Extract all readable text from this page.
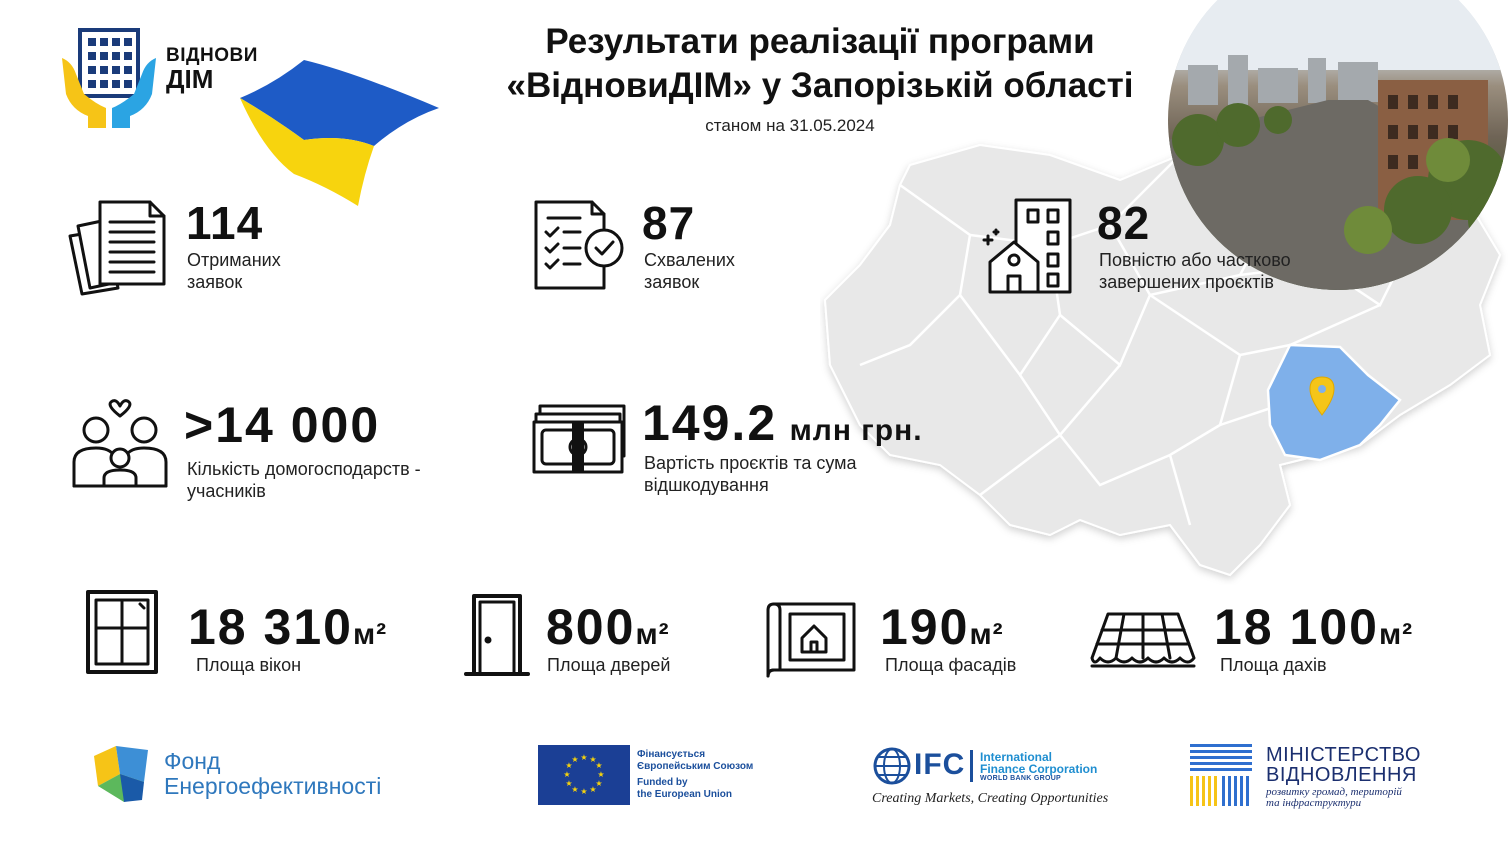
ВІДНОВИ
ДІМ
Результати реалізації програми
«ВідновиДІМ» у Запорізькій області
станом на 31.05.2024
114
Отриманих
заявок
87
Схвалених
заявок
82
Повністю або частково
завершених проєктів
>14 000
Кількість домогосподарств -
учасників
149.2 млн грн.
Вартість проєктів та сума
відшкодування
18 310м²
Площа вікон
800м²
Площа дверей
190м²
Площа фасадів
18 100м²
Площа дахів
Фонд
Енергоефективності
★ ★
★
★
★
★
★
★
★
★
★
★	Фінансується
Європейським Союзом
Funded by
the European Union
IFC International
Finance Corporation
WORLD BANK GROUP
Creating Markets, Creating Opportunities
МІНІСТЕРСТВО
ВІДНОВЛЕННЯ
розвитку громад, територій
та інфраструктури
